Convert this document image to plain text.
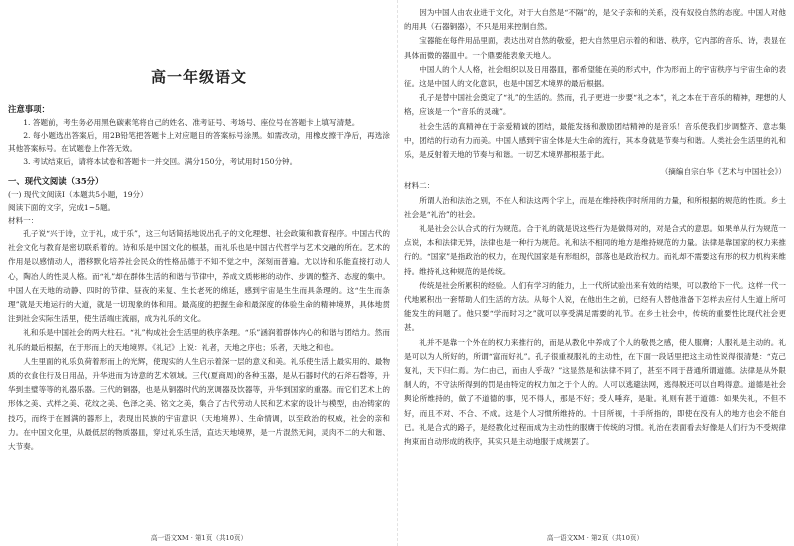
高一年级语文
注意事项：
1. 答题前，考生务必用黑色碳素笔将自己的姓名、准考证号、考场号、座位号在答题卡上填写清楚。
2. 每小题选出答案后，用2B铅笔把答题卡上对应题目的答案标号涂黑。如需改动，用橡皮擦干净后，再选涂其他答案标号。在试题卷上作答无效。
3. 考试结束后，请将本试卷和答题卡一并交回。满分150分，考试用时150分钟。
一、现代文阅读（35分）
(一) 现代文阅读Ⅰ（本题共5小题，19分）
阅读下面的文字，完成1~5题。
材料一：
孔子说“兴于诗，立于礼，成于乐”，这三句话简括地说出孔子的文化理想、社会政策和教育程序。中国古代的社会文化与教育是密切联系着的。诗和乐是中国文化的根基，而礼乐也是中国古代哲学与艺术交融的所在。艺术的作用是以感情动人，潜移默化培养社会民众的性格品德于不知不觉之中，深刻而普遍。尤以诗和乐能直接打动人心，陶冶人的性灵人格。而“礼”却在群体生活的和谐与节律中，养成文质彬彬的动作、步调的整齐、态度的集中。中国人在天地的动静、四时的节律、昼夜的来复、生长老死的绵延，感到宇宙是生生而具条理的。这“生生而条理”就是天地运行的大道，就是一切现象的体和用。最高度的把握生命和最深度的体验生命的精神境界，具体地贯注到社会实际生活里，使生活端庄流丽，成为礼乐的文化。
礼和乐是中国社会的两大柱石。“礼”构成社会生活里的秩序条理。“乐”涵润着群体内心的和谐与团结力。然而礼乐的最后根据，在于形而上的天地境界。《礼记》上说：礼者，天地之序也；乐者，天地之和也。
人生里面的礼乐负荷着形而上的光辉，使现实的人生启示着深一层的意义和美。礼乐使生活上最实用的、最物质的衣食住行及日用品，升华进而为诗意的艺术领域。三代(夏商周)的各种玉器，是从石器时代的石斧石磬等，升华到圭璧等等的礼器乐器。三代的铜器，也是从铜器时代的烹调器及饮器等，升华到国家的重器。而它们艺术上的形体之美、式样之美、花纹之美、色泽之美、铭文之美，集合了古代劳动人民和艺术家的设计与模型，由冶铸家的技巧，而终于在圆满的器形上，表现出民族的宇宙意识（天地境界）、生命情调，以至政治的权威，社会的亲和力。在中国文化里，从最低层的物质器皿，穿过礼乐生活，直达天地境界，是一片混然无间，灵肉不二的大和谐、大节奏。
高一语文XM · 第1页（共10页）
因为中国人由农业进于文化，对于大自然是“不隔”的，是父子亲和的关系，没有奴役自然的态度。中国人对他的用具（石器铜器），不只是用来控制自然。
宝器能在每件用品里面，表达出对自然的敬爱，把大自然里启示着的和谐、秩序，它内部的音乐、诗，表显在具体而微的器皿中。一个鼎要能表象天地人。
中国人的个人人格，社会组织以及日用器皿，都希望能在美的形式中，作为形而上的宇宙秩序与宇宙生命的表征。这是中国人的文化意识，也是中国艺术境界的最后根据。
孔子是替中国社会奠定了“礼”的生活的。然而，孔子更进一步要“礼之本”，礼之本在于音乐的精神，理想的人格，应该是一个“音乐的灵魂”。
社会生活的真精神在于亲爱精诚的团结，最能发扬和激励团结精神的是音乐！音乐使我们步调整齐、意志集中，团结的行动有力而美。中国人感到宇宙全体是大生命的流行，其本身就是节奏与和谐。人类社会生活里的礼和乐，是反射着天地的节奏与和谐。一切艺术境界都根基于此。
（摘编自宗白华《艺术与中国社会》）
材料二：
所谓人治和法治之别，不在人和法这两个字上，而是在维持秩序时所用的力量，和所根据的规范的性质。乡土社会是“礼治”的社会。
礼是社会公认合式的行为规范。合于礼的就是说这些行为是做得对的，对是合式的意思。如果单从行为规范一点说，本和法律无异，法律也是一种行为规范。礼和法不相同的地方是维持规范的力量。法律是靠国家的权力来推行的。“国家”是指政治的权力，在现代国家是有形组织，部落也是政治权力。而礼却不需要这有形的权力机构来维持。维持礼这种规范的是传统。
传统是社会所累积的经验。人们有学习的能力，上一代所试验出来有效的结果，可以教给下一代。这样一代一代地累积出一套帮助人们生活的方法。从每个人说，在他出生之前，已经有人替他准备下怎样去应付人生道上所可能发生的问题了。他只要“学而时习之”就可以享受满足需要的礼节。在乡土社会中，传统的重要性比现代社会更甚。
礼并不是靠一个外在的权力来推行的，而是从教化中养成了个人的敬畏之感，使人服膺；人服礼是主动的。礼是可以为人所好的，所谓“富而好礼”。孔子很重视服礼的主动性，在下面一段话里把这主动性说得很清楚：“克己复礼，天下归仁焉。为仁由己，而由人乎哉？”这显然是和法律不同了，甚至不同于普通所谓道德。法律是从外限制人的，不守法所得到的罚是由特定的权力加之于个人的。人可以逃避法网，逃得脱还可以自鸣得意。道德是社会舆论所维持的，做了不道德的事，见不得人，那是不好；受人唾弃，是耻。礼则有甚于道德：如果失礼，不但不好，而且不对、不合、不成。这是个人习惯所维持的。十目所视，十手所指的，即使在没有人的地方也会不能自已。礼是合式的路子，是经教化过程而成为主动性的服膺于传统的习惯。礼治在表面看去好像是人们行为不受规律拘束而自动形成的秩序，其实只是主动地服于成规罢了。
高一语文XM · 第2页（共10页）
